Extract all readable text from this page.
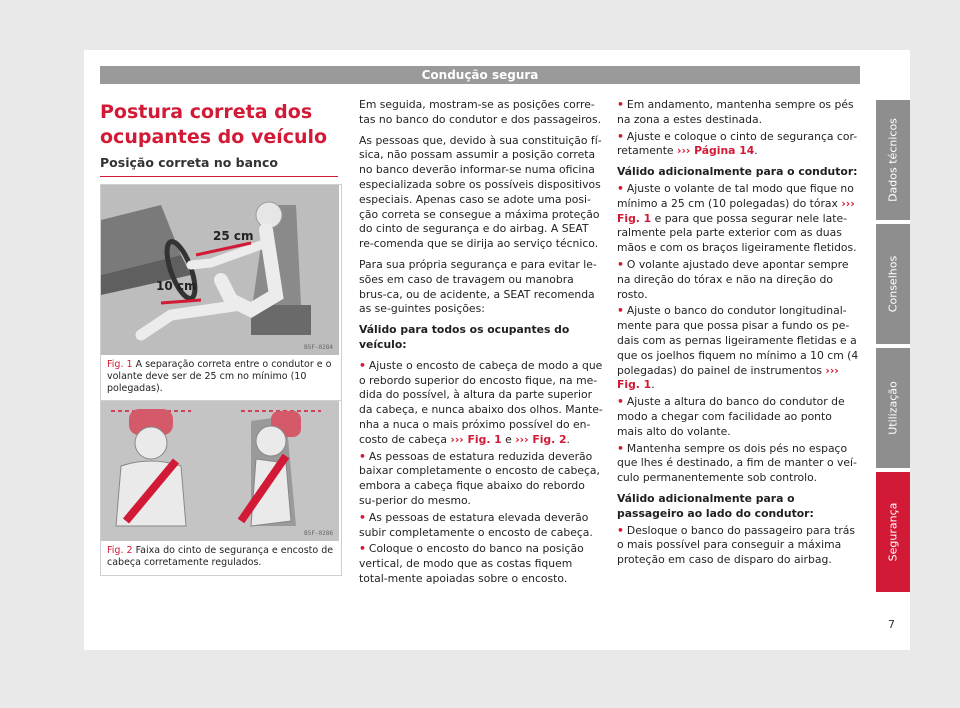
Condução segura
Postura correta dos ocupantes do veículo
Posição correta no banco
25 cm
10 cm
B5F-0284
Fig. 1 A separação correta entre o condutor e o volante deve ser de 25 cm no mínimo (10 polegadas).
B5F-0286
Fig. 2 Faixa do cinto de segurança e encosto de cabeça corretamente regulados.

Em seguida, mostram-se as posições corre-tas no banco do condutor e dos passageiros.

As pessoas que, devido à sua constituição fí-sica, não possam assumir a posição correta no banco deverão informar-se numa oficina especializada sobre os possíveis dispositivos especiais. Apenas caso se adote uma posi-ção correta se consegue a máxima proteção do cinto de segurança e do airbag. A SEAT re-comenda que se dirija ao serviço técnico.

Para sua própria segurança e para evitar le-sões em caso de travagem ou manobra brus-ca, ou de acidente, a SEAT recomenda as se-guintes posições:

Válido para todos os ocupantes do veículo:

• Ajuste o encosto de cabeça de modo a que o rebordo superior do encosto fique, na me-dida do possível, à altura da parte superior da cabeça, e nunca abaixo dos olhos. Mante-nha a nuca o mais próximo possível do en-costo de cabeça ››› Fig. 1 e ››› Fig. 2.

• As pessoas de estatura reduzida deverão baixar completamente o encosto de cabeça, embora a cabeça fique abaixo do rebordo su-perior do mesmo.

• As pessoas de estatura elevada deverão subir completamente o encosto de cabeça.

• Coloque o encosto do banco na posição vertical, de modo que as costas fiquem total-mente apoiadas sobre o encosto.

• Em andamento, mantenha sempre os pés na zona a estes destinada.

• Ajuste e coloque o cinto de segurança cor-retamente ››› Página 14.

Válido adicionalmente para o condutor:

• Ajuste o volante de tal modo que fique no mínimo a 25 cm (10 polegadas) do tórax ››› Fig. 1 e para que possa segurar nele late-ralmente pela parte exterior com as duas mãos e com os braços ligeiramente fletidos.

• O volante ajustado deve apontar sempre na direção do tórax e não na direção do rosto.

• Ajuste o banco do condutor longitudinal-mente para que possa pisar a fundo os pe-dais com as pernas ligeiramente fletidas e a que os joelhos fiquem no mínimo a 10 cm (4 polegadas) do painel de instrumentos ››› Fig. 1.

• Ajuste a altura do banco do condutor de modo a chegar com facilidade ao ponto mais alto do volante.

• Mantenha sempre os dois pés no espaço que lhes é destinado, a fim de manter o veí-culo permanentemente sob controlo.

Válido adicionalmente para o passageiro ao lado do condutor:

• Desloque o banco do passageiro para trás o mais possível para conseguir a máxima proteção em caso de disparo do airbag.

Dados técnicos
Conselhos
Utilização
Segurança
7
